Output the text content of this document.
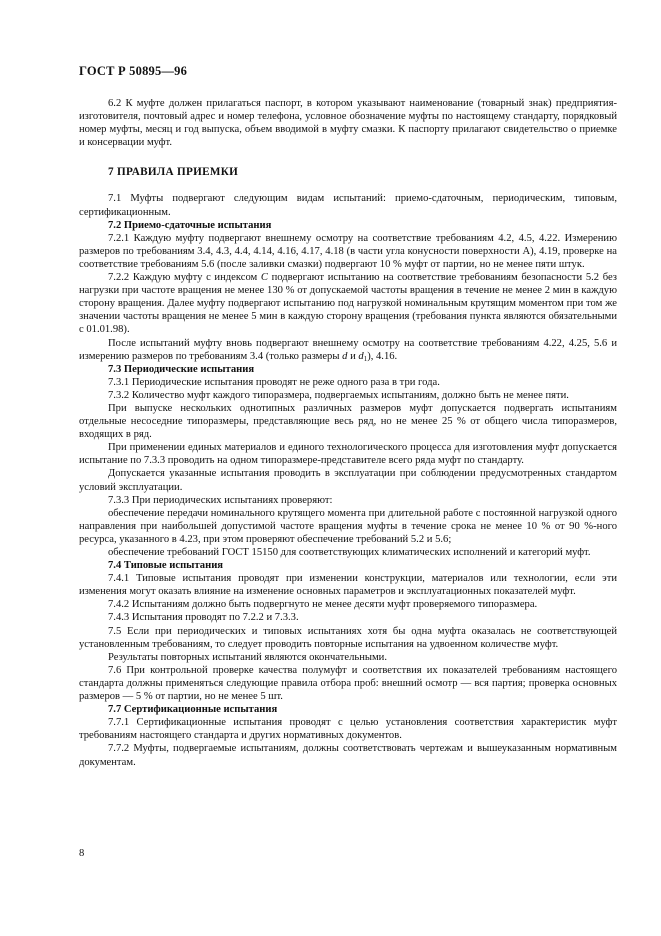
ГОСТ Р 50895—96

6.2 К муфте должен прилагаться паспорт, в котором указывают наименование (товарный знак) предприятия-изготовителя, почтовый адрес и номер телефона, условное обозначение муфты по настоящему стандарту, порядковый номер муфты, месяц и год выпуска, объем вводимой в муфту смазки. К паспорту прилагают свидетельство о приемке и консервации муфт.

7 ПРАВИЛА ПРИЕМКИ

7.1 Муфты подвергают следующим видам испытаний: приемо-сдаточным, периодическим, типовым, сертификационным.

7.2 Приемо-сдаточные испытания

7.2.1 Каждую муфту подвергают внешнему осмотру на соответствие требованиям 4.2, 4.5, 4.22. Измерению размеров по требованиям 3.4, 4.3, 4.4, 4.14, 4.16, 4.17, 4.18 (в части угла конусности поверхности А), 4.19, проверке на соответствие требованиям 5.6 (после заливки смазки) подвергают 10 % муфт от партии, но не менее пяти штук.

7.2.2 Каждую муфту с индексом С подвергают испытанию на соответствие требованиям безопасности 5.2 без нагрузки при частоте вращения не менее 130 % от допускаемой частоты вращения в течение не менее 2 мин в каждую сторону вращения. Далее муфту подвергают испытанию под нагрузкой номинальным крутящим моментом при том же значении частоты вращения не менее 5 мин в каждую сторону вращения (требования пункта являются обязательными с 01.01.98).

После испытаний муфту вновь подвергают внешнему осмотру на соответствие требованиям 4.22, 4.25, 5.6 и измерению размеров по требованиям 3.4 (только размеры d и $d_1$), 4.16.

7.3 Периодические испытания

7.3.1 Периодические испытания проводят не реже одного раза в три года.

7.3.2 Количество муфт каждого типоразмера, подвергаемых испытаниям, должно быть не менее пяти.

При выпуске нескольких однотипных различных размеров муфт допускается подвергать испытаниям отдельные несоседние типоразмеры, представляющие весь ряд, но не менее 25 % от общего числа типоразмеров, входящих в ряд.

При применении единых материалов и единого технологического процесса для изготовления муфт допускается испытание по 7.3.3 проводить на одном типоразмере-представителе всего ряда муфт по стандарту.

Допускается указанные испытания проводить в эксплуатации при соблюдении предусмотренных стандартом условий эксплуатации.

7.3.3 При периодических испытаниях проверяют:

обеспечение передачи номинального крутящего момента при длительной работе с постоянной нагрузкой одного направления при наибольшей допустимой частоте вращения муфты в течение срока не менее 10 % от 90 %-ного ресурса, указанного в 4.23, при этом проверяют обеспечение требований 5.2 и 5.6;

обеспечение требований ГОСТ 15150 для соответствующих климатических исполнений и категорий муфт.

7.4 Типовые испытания

7.4.1 Типовые испытания проводят при изменении конструкции, материалов или технологии, если эти изменения могут оказать влияние на изменение основных параметров и эксплуатационных показателей муфт.

7.4.2 Испытаниям должно быть подвергнуто не менее десяти муфт проверяемого типоразмера.

7.4.3 Испытания проводят по 7.2.2 и 7.3.3.

7.5 Если при периодических и типовых испытаниях хотя бы одна муфта оказалась не соответствующей установленным требованиям, то следует проводить повторные испытания на удвоенном количестве муфт.

Результаты повторных испытаний являются окончательными.

7.6 При контрольной проверке качества полумуфт и соответствия их показателей требованиям настоящего стандарта должны применяться следующие правила отбора проб: внешний осмотр — вся партия; проверка основных размеров — 5 % от партии, но не менее 5 шт.

7.7 Сертификационные испытания

7.7.1 Сертификационные испытания проводят с целью установления соответствия характеристик муфт требованиям настоящего стандарта и других нормативных документов.

7.7.2 Муфты, подвергаемые испытаниям, должны соответствовать чертежам и вышеуказанным нормативным документам.

8
